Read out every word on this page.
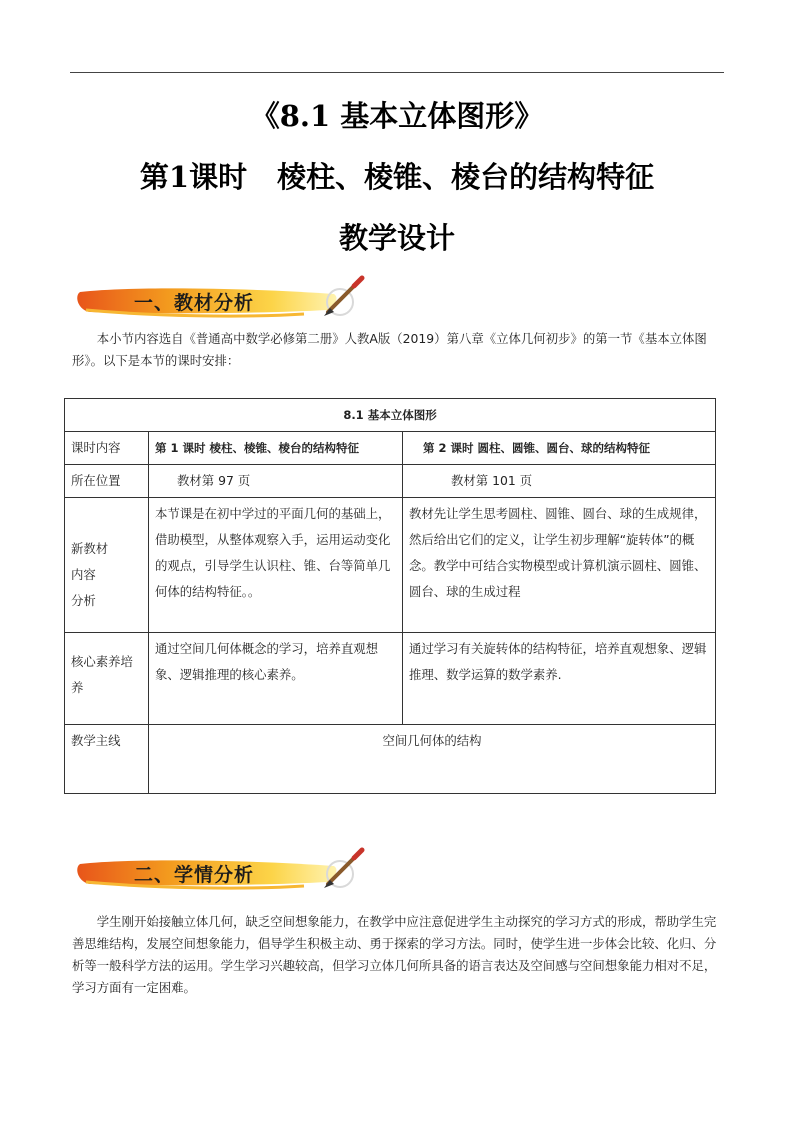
《8.1 基本立体图形》
第1课时 棱柱、棱锥、棱台的结构特征
教学设计
一、教材分析
本小节内容选自《普通高中数学必修第二册》人教A版（2019）第八章《立体几何初步》的第一节《基本立体图形》。以下是本节的课时安排：
8.1 基本立体图形		
课时内容	第 1 课时 棱柱、棱锥、棱台的结构特征	第 2 课时 圆柱、圆锥、圆台、球的结构特征
所在位置	教材第 97 页	教材第 101 页

新教材
内容
分析	本节课是在初中学过的平面几何的基础上，借助模型，从整体观察入手，运用运动变化的观点，引导学生认识柱、锥、台等简单几何体的结构特征。。	教材先让学生思考圆柱、圆锥、圆台、球的生成规律，然后给出它们的定义，让学生初步理解“旋转体”的概念。教学中可结合实物模型或计算机演示圆柱、圆锥、圆台、球的生成过程
核心素养培养	通过空间几何体概念的学习，培养直观想象、逻辑推理的核心素养。	通过学习有关旋转体的结构特征，培养直观想象、逻辑推理、数学运算的数学素养.
教学主线	空间几何体的结构	
二、学情分析
学生刚开始接触立体几何，缺乏空间想象能力，在教学中应注意促进学生主动探究的学习方式的形成，帮助学生完善思维结构，发展空间想象能力，倡导学生积极主动、勇于探索的学习方法。同时，使学生进一步体会比较、化归、分析等一般科学方法的运用。学生学习兴趣较高，但学习立体几何所具备的语言表达及空间感与空间想象能力相对不足，学习方面有一定困难。
